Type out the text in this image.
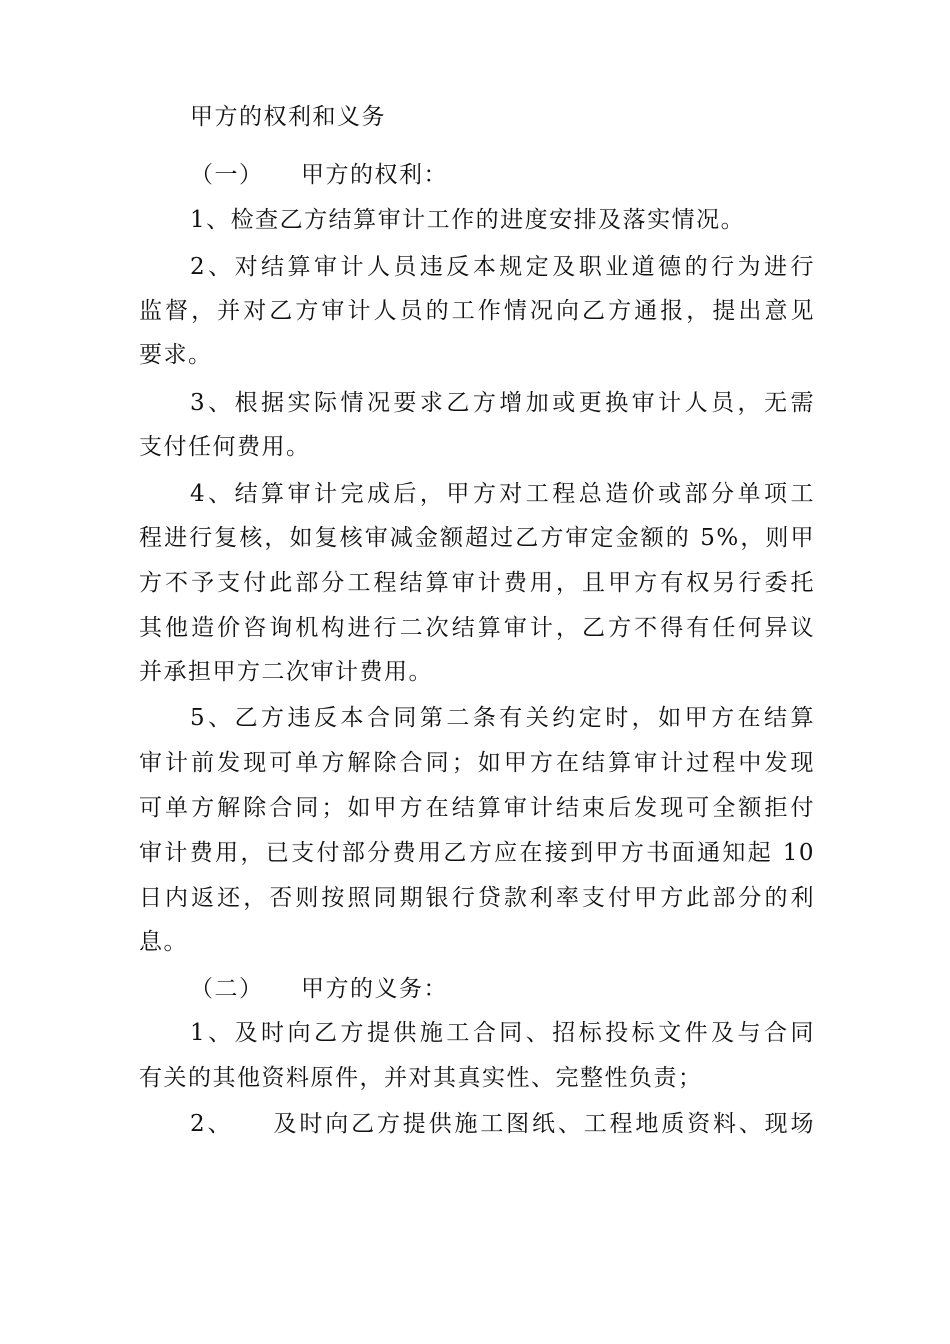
甲方的权利和义务
（一）　　甲方的权利：
1、检查乙方结算审计工作的进度安排及落实情况。
2、对结算审计人员违反本规定及职业道德的行为进行
监督，并对乙方审计人员的工作情况向乙方通报，提出意见
要求。
3、根据实际情况要求乙方增加或更换审计人员，无需
支付任何费用。
4、结算审计完成后，甲方对工程总造价或部分单项工
程进行复核，如复核审减金额超过乙方审定金额的 5%，则甲
方不予支付此部分工程结算审计费用，且甲方有权另行委托
其他造价咨询机构进行二次结算审计，乙方不得有任何异议
并承担甲方二次审计费用。
5、乙方违反本合同第二条有关约定时，如甲方在结算
审计前发现可单方解除合同；如甲方在结算审计过程中发现
可单方解除合同；如甲方在结算审计结束后发现可全额拒付
审计费用，已支付部分费用乙方应在接到甲方书面通知起 10
日内返还，否则按照同期银行贷款利率支付甲方此部分的利
息。
（二）　　甲方的义务：
1、及时向乙方提供施工合同、招标投标文件及与合同
有关的其他资料原件，并对其真实性、完整性负责；
2、　　及时向乙方提供施工图纸、工程地质资料、现场
